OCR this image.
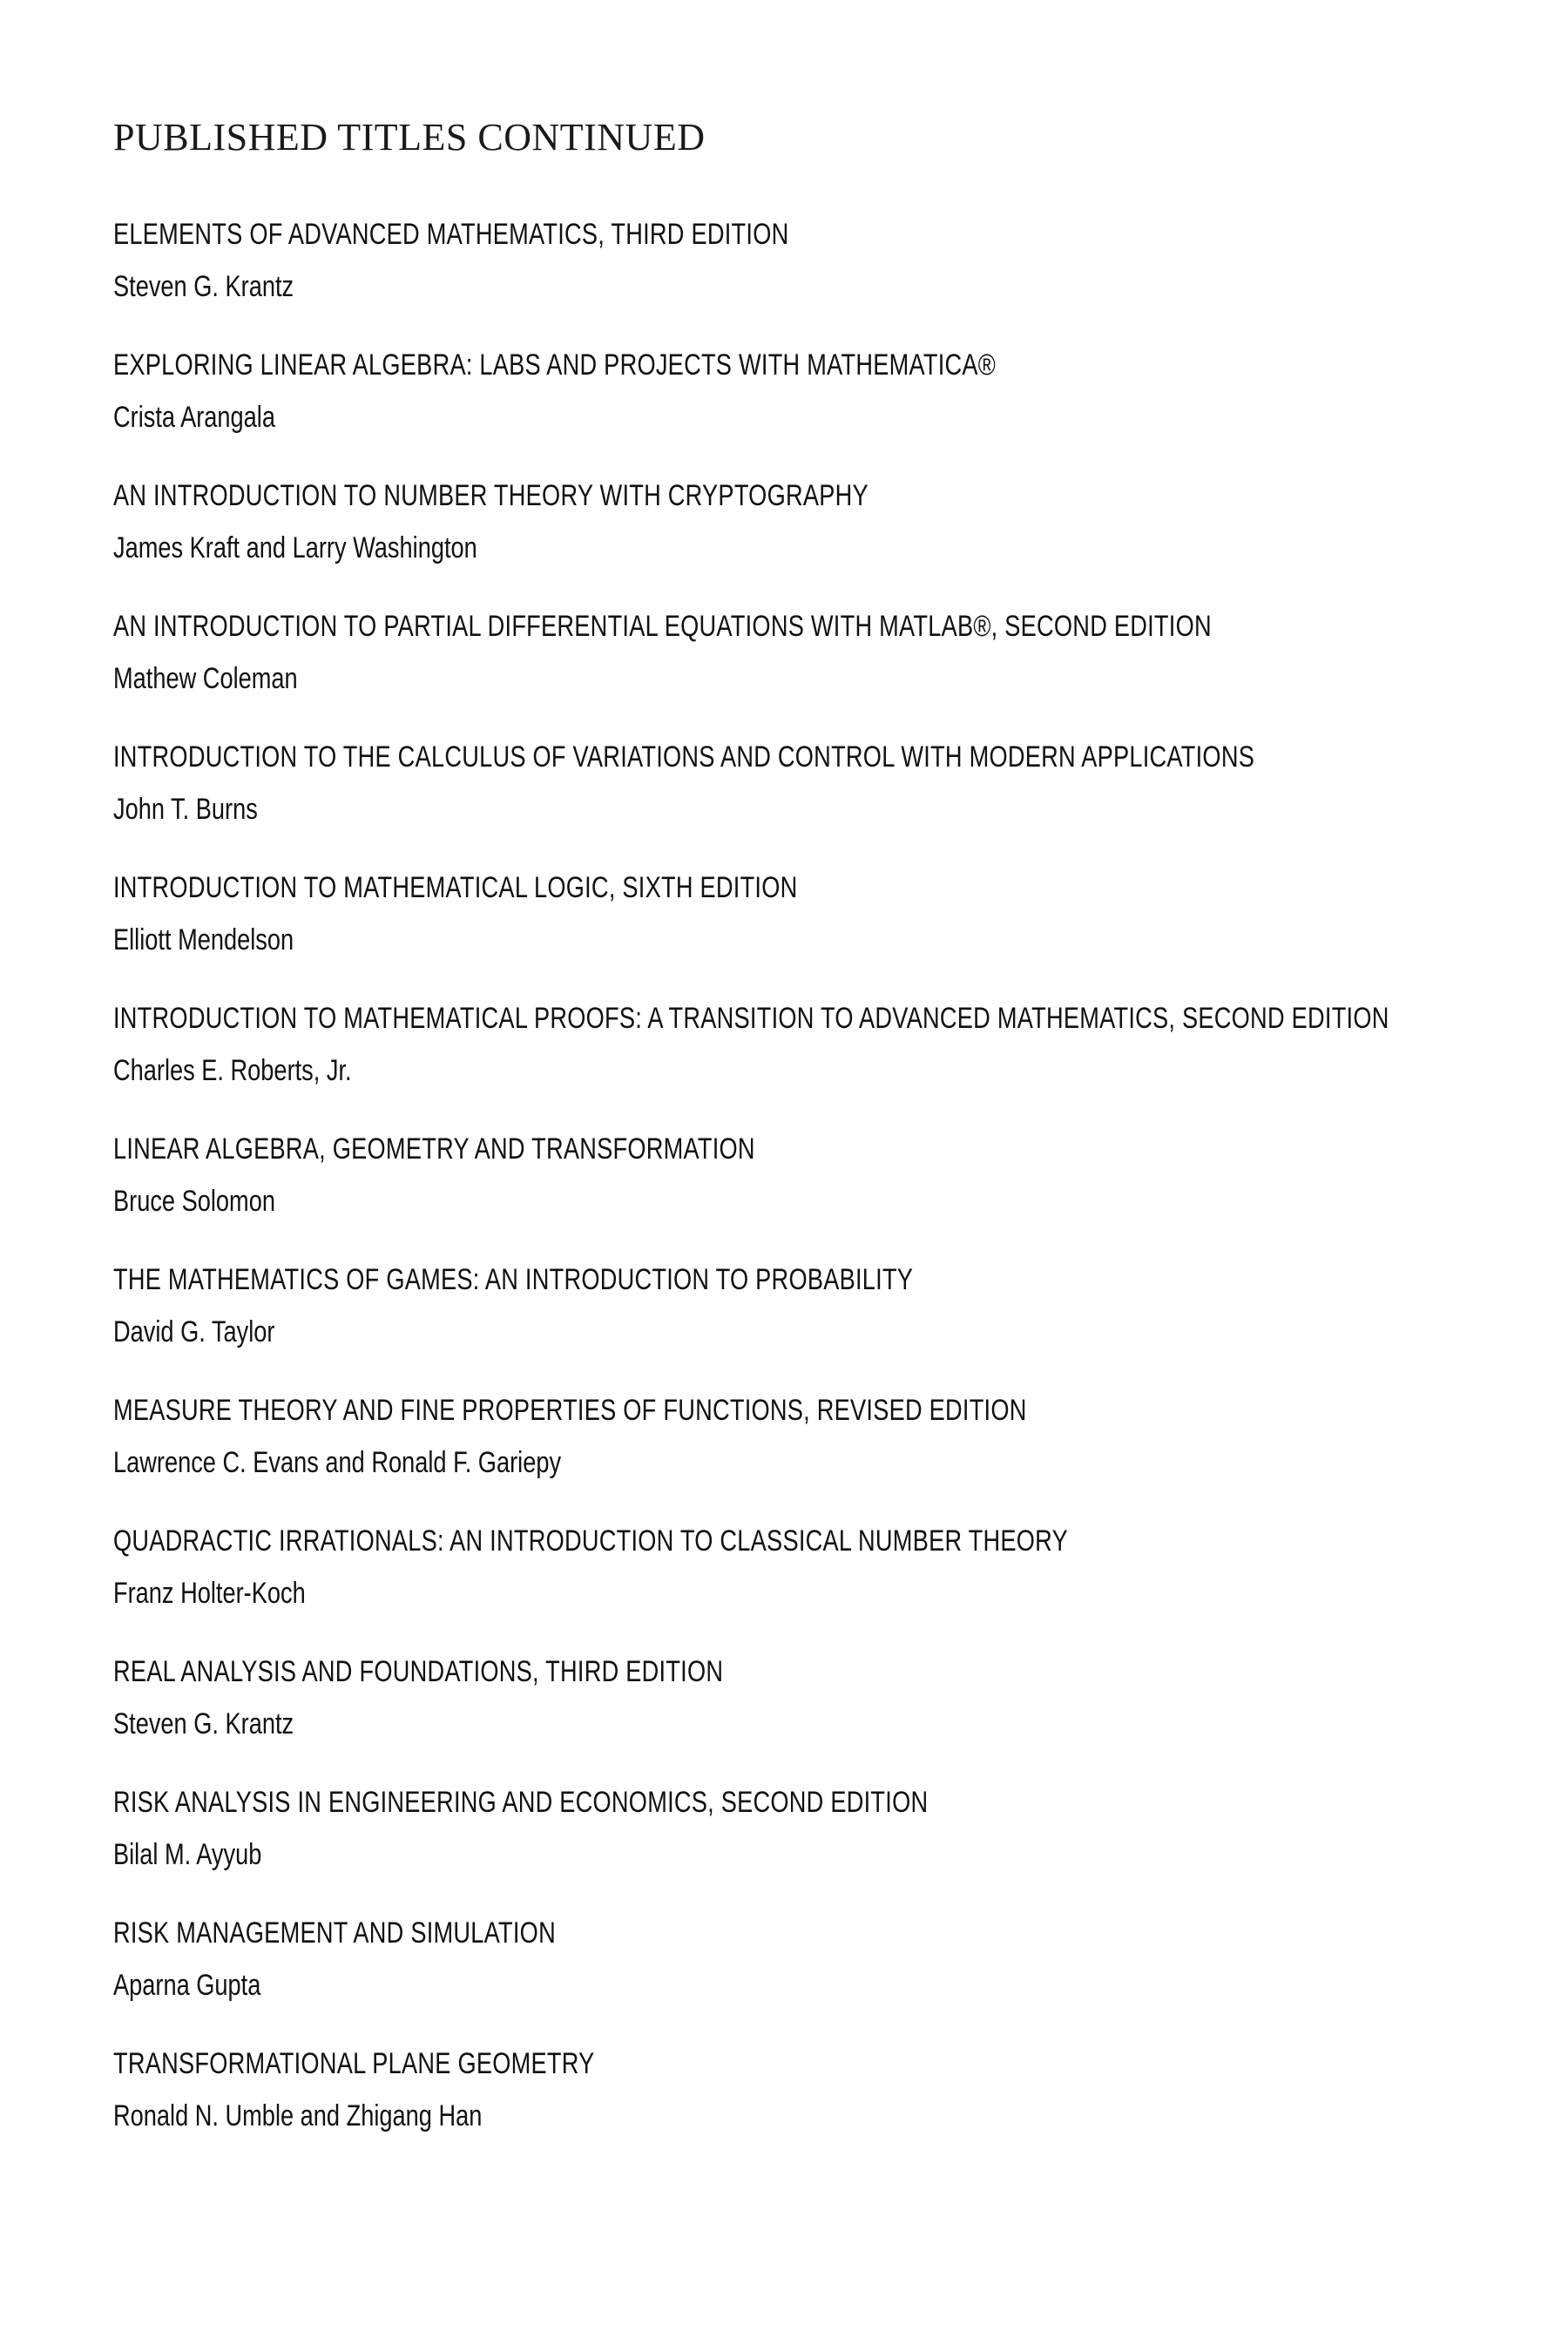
PUBLISHED TITLES CONTINUED
ELEMENTS OF ADVANCED MATHEMATICS, THIRD EDITION
Steven G. Krantz
EXPLORING LINEAR ALGEBRA: LABS AND PROJECTS WITH MATHEMATICA®
Crista Arangala
AN INTRODUCTION TO NUMBER THEORY WITH CRYPTOGRAPHY
James Kraft and Larry Washington
AN INTRODUCTION TO PARTIAL DIFFERENTIAL EQUATIONS WITH MATLAB®, SECOND EDITION
Mathew Coleman
INTRODUCTION TO THE CALCULUS OF VARIATIONS AND CONTROL WITH MODERN APPLICATIONS
John T. Burns
INTRODUCTION TO MATHEMATICAL LOGIC, SIXTH EDITION
Elliott Mendelson
INTRODUCTION TO MATHEMATICAL PROOFS: A TRANSITION TO ADVANCED MATHEMATICS, SECOND EDITION
Charles E. Roberts, Jr.
LINEAR ALGEBRA, GEOMETRY AND TRANSFORMATION
Bruce Solomon
THE MATHEMATICS OF GAMES: AN INTRODUCTION TO PROBABILITY
David G. Taylor
MEASURE THEORY AND FINE PROPERTIES OF FUNCTIONS, REVISED EDITION
Lawrence C. Evans and Ronald F. Gariepy
QUADRACTIC IRRATIONALS: AN INTRODUCTION TO CLASSICAL NUMBER THEORY
Franz Holter-Koch
REAL ANALYSIS AND FOUNDATIONS, THIRD EDITION
Steven G. Krantz
RISK ANALYSIS IN ENGINEERING AND ECONOMICS, SECOND EDITION
Bilal M. Ayyub
RISK MANAGEMENT AND SIMULATION
Aparna Gupta
TRANSFORMATIONAL PLANE GEOMETRY
Ronald N. Umble and Zhigang Han
